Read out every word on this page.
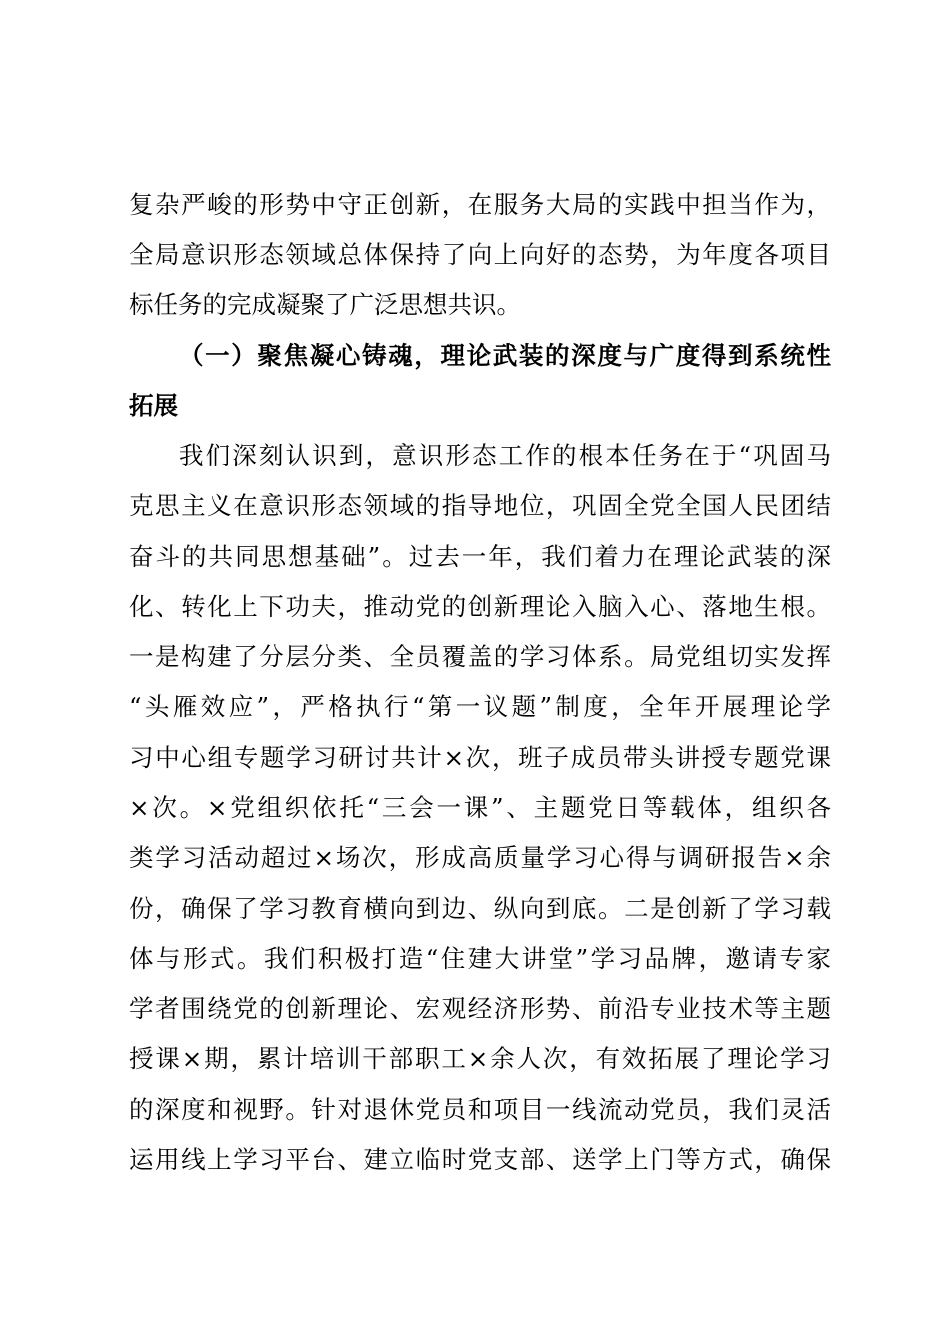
复杂严峻的形势中守正创新，在服务大局的实践中担当作为，

全局意识形态领域总体保持了向上向好的态势，为年度各项目

标任务的完成凝聚了广泛思想共识。

（一）聚焦凝心铸魂，理论武装的深度与广度得到系统性

拓展

我们深刻认识到，意识形态工作的根本任务在于“巩固马

克思主义在意识形态领域的指导地位，巩固全党全国人民团结

奋斗的共同思想基础”。过去一年，我们着力在理论武装的深

化、转化上下功夫，推动党的创新理论入脑入心、落地生根。

一是构建了分层分类、全员覆盖的学习体系。局党组切实发挥

“头雁效应”，严格执行“第一议题”制度，全年开展理论学

习中心组专题学习研讨共计×次，班子成员带头讲授专题党课

×次。×党组织依托“三会一课”、主题党日等载体，组织各

类学习活动超过×场次，形成高质量学习心得与调研报告×余

份，确保了学习教育横向到边、纵向到底。二是创新了学习载

体与形式。我们积极打造“住建大讲堂”学习品牌，邀请专家

学者围绕党的创新理论、宏观经济形势、前沿专业技术等主题

授课×期，累计培训干部职工×余人次，有效拓展了理论学习

的深度和视野。针对退休党员和项目一线流动党员，我们灵活

运用线上学习平台、建立临时党支部、送学上门等方式，确保
